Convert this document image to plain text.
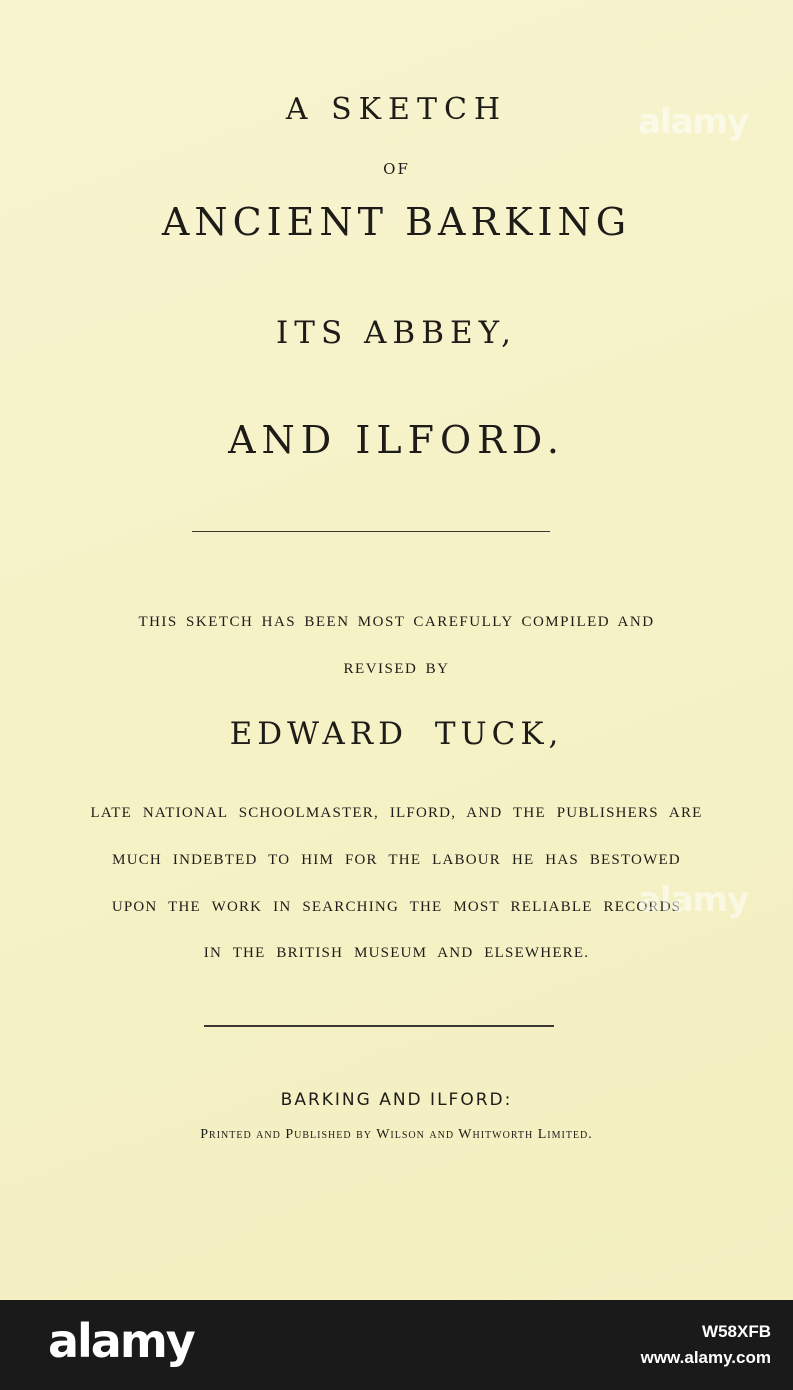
A SKETCH
OF
ANCIENT BARKING
ITS ABBEY,
AND ILFORD.
THIS SKETCH HAS BEEN MOST CAREFULLY COMPILED AND
REVISED BY
EDWARD TUCK,
LATE NATIONAL SCHOOLMASTER, ILFORD, AND THE PUBLISHERS ARE
MUCH INDEBTED TO HIM FOR THE LABOUR HE HAS BESTOWED
UPON THE WORK IN SEARCHING THE MOST RELIABLE RECORDS
IN THE BRITISH MUSEUM AND ELSEWHERE.
BARKING AND ILFORD:
Printed and Published by Wilson and Whitworth Limited.
alamy
alamy
alamy	W58XFB
www.alamy.com
